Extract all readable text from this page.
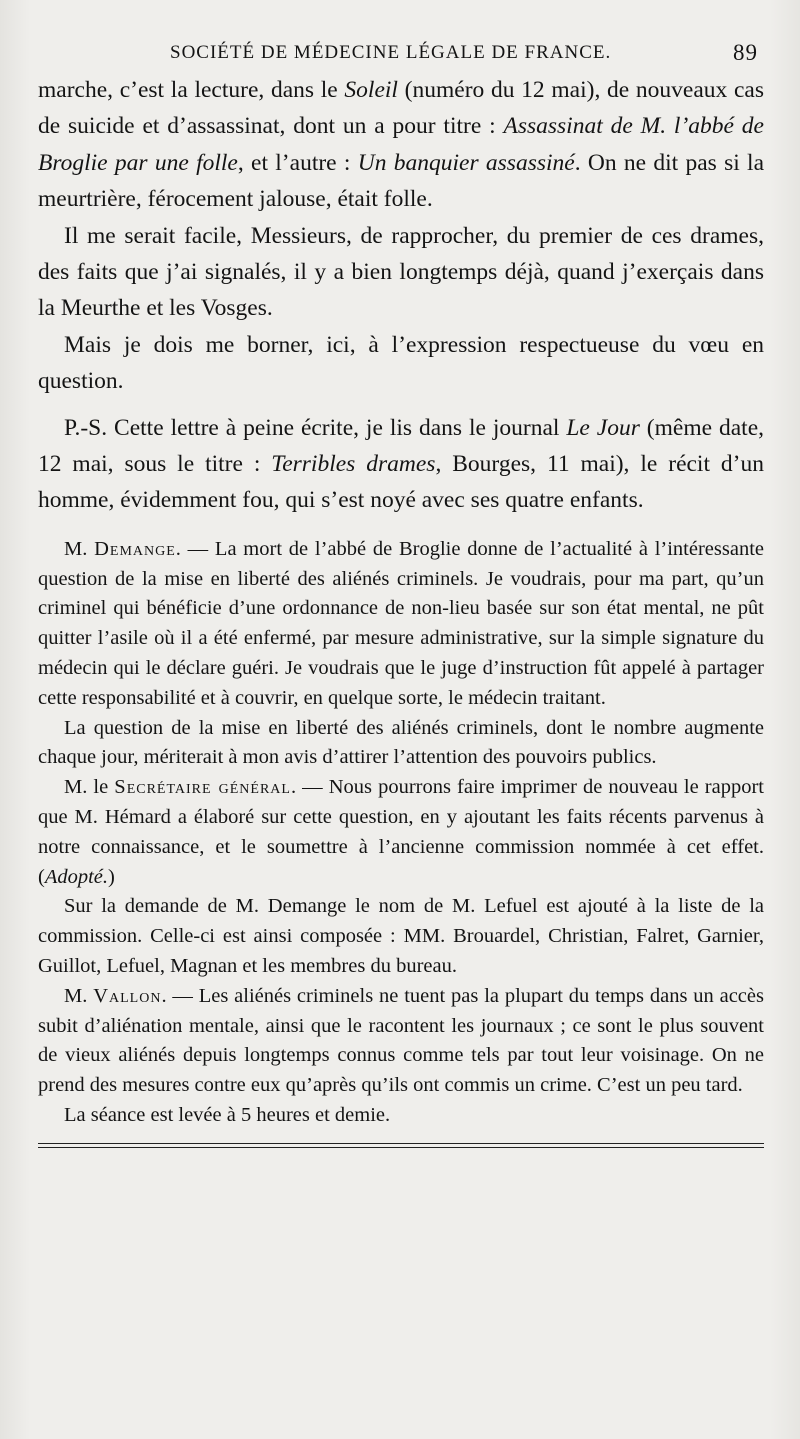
SOCIÉTÉ DE MÉDECINE LÉGALE DE FRANCE.	89

marche, c’est la lecture, dans le Soleil (numéro du 12 mai), de nouveaux cas de suicide et d’assassinat, dont un a pour titre : Assassinat de M. l’abbé de Broglie par une folle, et l’autre : Un banquier assassiné. On ne dit pas si la meurtrière, férocement jalouse, était folle.

Il me serait facile, Messieurs, de rapprocher, du premier de ces drames, des faits que j’ai signalés, il y a bien longtemps déjà, quand j’exerçais dans la Meurthe et les Vosges.

Mais je dois me borner, ici, à l’expression respectueuse du vœu en question.

P.-S. Cette lettre à peine écrite, je lis dans le journal Le Jour (même date, 12 mai, sous le titre : Terribles drames, Bourges, 11 mai), le récit d’un homme, évidemment fou, qui s’est noyé avec ses quatre enfants.

M. Demange. — La mort de l’abbé de Broglie donne de l’actualité à l’intéressante question de la mise en liberté des aliénés criminels. Je voudrais, pour ma part, qu’un criminel qui bénéficie d’une ordonnance de non-lieu basée sur son état mental, ne pût quitter l’asile où il a été enfermé, par mesure administrative, sur la simple signature du médecin qui le déclare guéri. Je voudrais que le juge d’instruction fût appelé à partager cette responsabilité et à couvrir, en quelque sorte, le médecin traitant.

La question de la mise en liberté des aliénés criminels, dont le nombre augmente chaque jour, mériterait à mon avis d’attirer l’attention des pouvoirs publics.

M. le Secrétaire général. — Nous pourrons faire imprimer de nouveau le rapport que M. Hémard a élaboré sur cette question, en y ajoutant les faits récents parvenus à notre connaissance, et le soumettre à l’ancienne commission nommée à cet effet. (Adopté.)

Sur la demande de M. Demange le nom de M. Lefuel est ajouté à la liste de la commission. Celle-ci est ainsi composée : MM. Brouardel, Christian, Falret, Garnier, Guillot, Lefuel, Magnan et les membres du bureau.

M. Vallon. — Les aliénés criminels ne tuent pas la plupart du temps dans un accès subit d’aliénation mentale, ainsi que le racontent les journaux ; ce sont le plus souvent de vieux aliénés depuis longtemps connus comme tels par tout leur voisinage. On ne prend des mesures contre eux qu’après qu’ils ont commis un crime. C’est un peu tard.

La séance est levée à 5 heures et demie.
